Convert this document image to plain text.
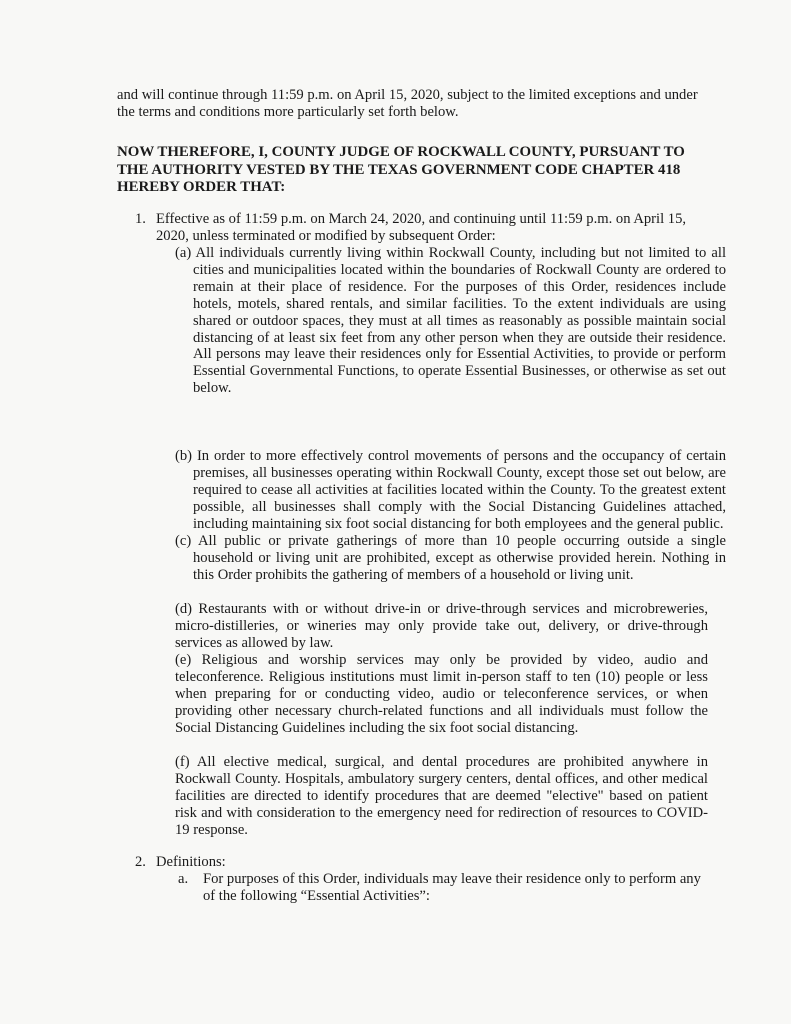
and will continue through 11:59 p.m. on April 15, 2020, subject to the limited exceptions and under the terms and conditions more particularly set forth below.

NOW THEREFORE, I, COUNTY JUDGE OF ROCKWALL COUNTY, PURSUANT TO
THE AUTHORITY VESTED BY THE TEXAS GOVERNMENT CODE CHAPTER 418
HEREBY ORDER THAT:

1. Effective as of 11:59 p.m. on March 24, 2020, and continuing until 11:59 p.m. on April 15, 2020, unless terminated or modified by subsequent Order:

(a) All individuals currently living within Rockwall County, including but not limited to all cities and municipalities located within the boundaries of Rockwall County are ordered to remain at their place of residence. For the purposes of this Order, residences include hotels, motels, shared rentals, and similar facilities. To the extent individuals are using shared or outdoor spaces, they must at all times as reasonably as possible maintain social distancing of at least six feet from any other person when they are outside their residence. All persons may leave their residences only for Essential Activities, to provide or perform Essential Governmental Functions, to operate Essential Businesses, or otherwise as set out below.

(b) In order to more effectively control movements of persons and the occupancy of certain premises, all businesses operating within Rockwall County, except those set out below, are required to cease all activities at facilities located within the County. To the greatest extent possible, all businesses shall comply with the Social Distancing Guidelines attached, including maintaining six foot social distancing for both employees and the general public.

(c) All public or private gatherings of more than 10 people occurring outside a single household or living unit are prohibited, except as otherwise provided herein. Nothing in this Order prohibits the gathering of members of a household or living unit.

(d) Restaurants with or without drive-in or drive-through services and microbreweries, micro-distilleries, or wineries may only provide take out, delivery, or drive-through services as allowed by law.

(e) Religious and worship services may only be provided by video, audio and teleconference. Religious institutions must limit in-person staff to ten (10) people or less when preparing for or conducting video, audio or teleconference services, or when providing other necessary church-related functions and all individuals must follow the Social Distancing Guidelines including the six foot social distancing.

(f) All elective medical, surgical, and dental procedures are prohibited anywhere in Rockwall County. Hospitals, ambulatory surgery centers, dental offices, and other medical facilities are directed to identify procedures that are deemed "elective" based on patient risk and with consideration to the emergency need for redirection of resources to COVID-19 response.

2. Definitions:
a.	For purposes of this Order, individuals may leave their residence only to perform any of the following “Essential Activities”:
